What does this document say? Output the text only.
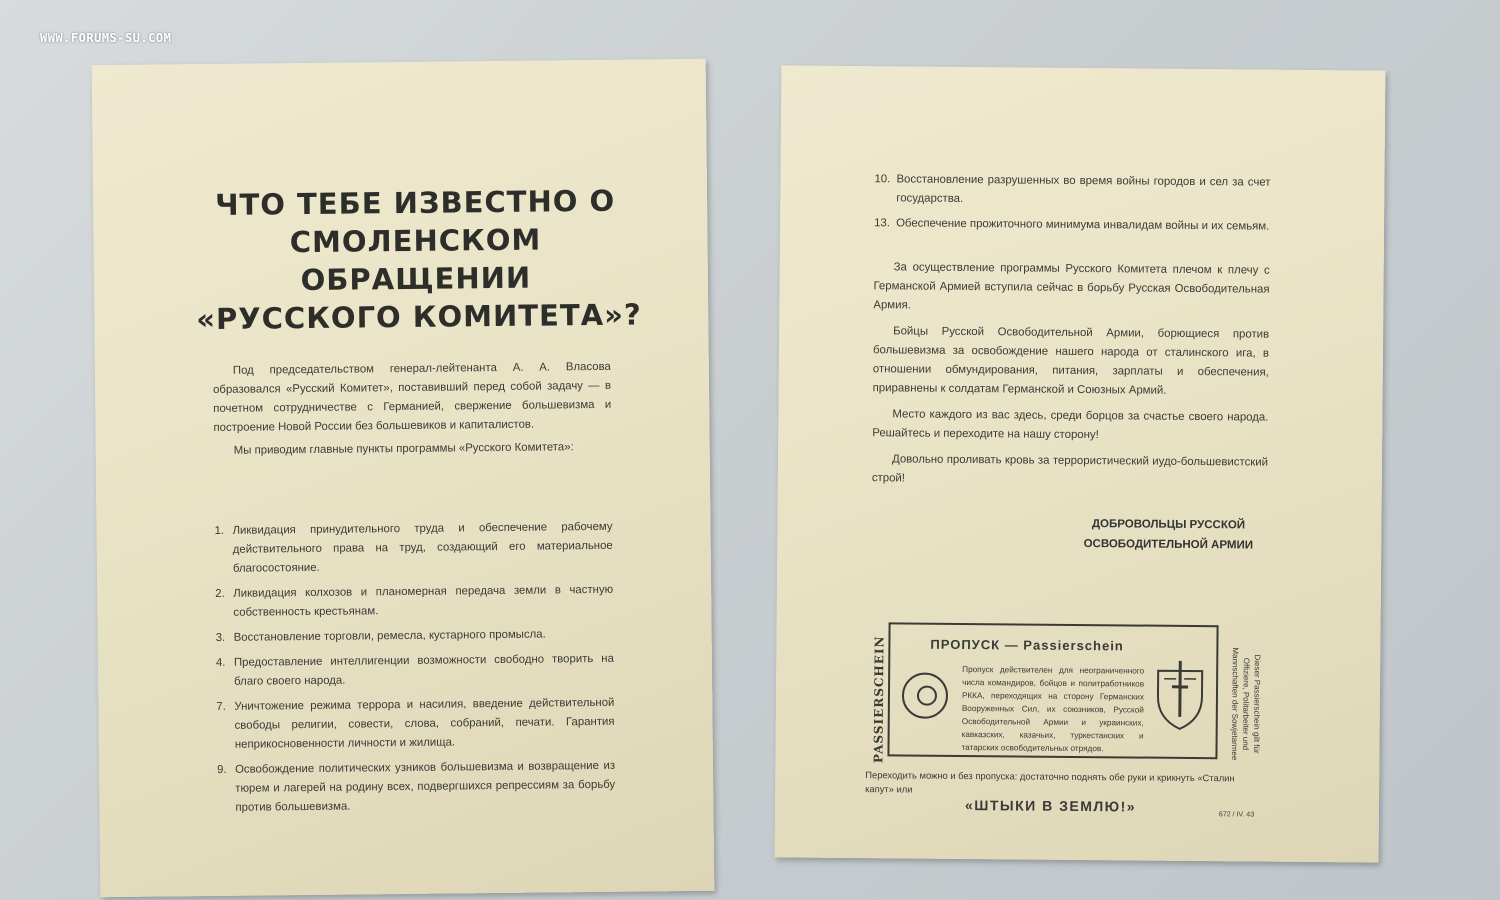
WWW.FORUMS-SU.COM
ЧТО ТЕБЕ ИЗВЕСТНО О
СМОЛЕНСКОМ
ОБРАЩЕНИИ
«РУССКОГО КОМИТЕТА»?

Под председательством генерал-лейтенанта А. А. Власова образовался «Русский Комитет», поставивший перед собой задачу — в почетном сотрудничестве с Германией, свержение большевизма и построение Новой России без большевиков и капиталистов.

Мы приводим главные пункты программы «Русского Комитета»:

1. Ликвидация принудительного труда и обеспечение рабочему действительного права на труд, создающий его материальное благосостояние.
2. Ликвидация колхозов и планомерная передача земли в частную собственность крестьянам.
3. Восстановление торговли, ремесла, кустарного промысла.
4. Предоставление интеллигенции возможности свободно творить на благо своего народа.
7. Уничтожение режима террора и насилия, введение действительной свободы религии, совести, слова, собраний, печати. Гарантия неприкосновенности личности и жилища.
9. Освобождение политических узников большевизма и возвращение из тюрем и лагерей на родину всех, подвергшихся репрессиям за борьбу против большевизма.
10. Восстановление разрушенных во время войны городов и сел за счет государства.
13. Обеспечение прожиточного минимума инвалидам войны и их семьям.

За осуществление программы Русского Комитета плечом к плечу с Германской Армией вступила сейчас в борьбу Русская Освободительная Армия.

Бойцы Русской Освободительной Армии, борющиеся против большевизма за освобождение нашего народа от сталинского ига, в отношении обмундирования, питания, зарплаты и обеспечения, приравнены к солдатам Германской и Союзных Армий.

Место каждого из вас здесь, среди борцов за счастье своего народа. Решайтесь и переходите на нашу сторону!

Довольно проливать кровь за террористический иудо-большевистский строй!

ДОБРОВОЛЬЦЫ РУССКОЙ
ОСВОБОДИТЕЛЬНОЙ АРМИИ
PASSIERSCHEIN	ПРОПУСК — Passierschein
Пропуск действителен для неограниченного числа командиров, бойцов и политработников РККА, переходящих на сторону Германских Вооруженных Сил, их союзников, Русской Освободительной Армии и украинских, кавказских, казачьих, туркестанских и татарских освободительных отрядов.	Dieser Passierschein gilt für
Offiziere, Politarbeiter und
Mannschaften der Sowjetarmee
Переходить можно и без пропуска: достаточно поднять обе руки и крикнуть «Сталин капут» или
«ШТЫКИ В ЗЕМЛЮ!»
672 / IV. 43
